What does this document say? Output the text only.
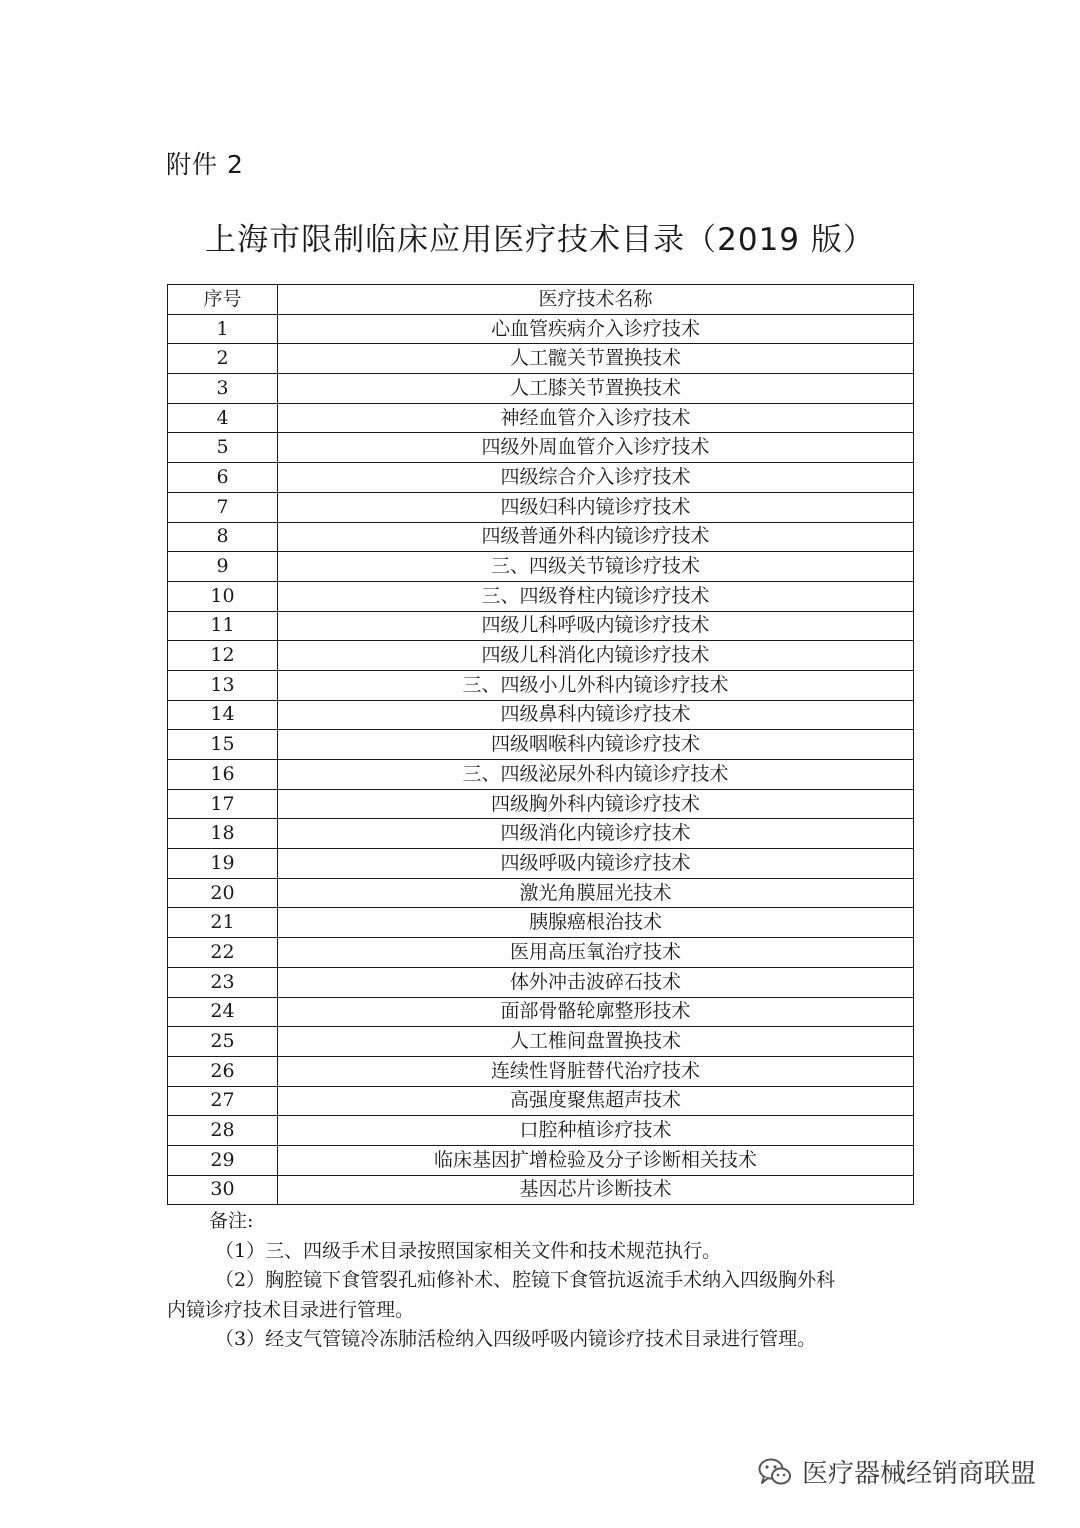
附件 2
上海市限制临床应用医疗技术目录（2019 版）
序号	医疗技术名称
1	心血管疾病介入诊疗技术
2	人工髋关节置换技术
3	人工膝关节置换技术
4	神经血管介入诊疗技术
5	四级外周血管介入诊疗技术
6	四级综合介入诊疗技术
7	四级妇科内镜诊疗技术
8	四级普通外科内镜诊疗技术
9	三、四级关节镜诊疗技术
10	三、四级脊柱内镜诊疗技术
11	四级儿科呼吸内镜诊疗技术
12	四级儿科消化内镜诊疗技术
13	三、四级小儿外科内镜诊疗技术
14	四级鼻科内镜诊疗技术
15	四级咽喉科内镜诊疗技术
16	三、四级泌尿外科内镜诊疗技术
17	四级胸外科内镜诊疗技术
18	四级消化内镜诊疗技术
19	四级呼吸内镜诊疗技术
20	激光角膜屈光技术
21	胰腺癌根治技术
22	医用高压氧治疗技术
23	体外冲击波碎石技术
24	面部骨骼轮廓整形技术
25	人工椎间盘置换技术
26	连续性肾脏替代治疗技术
27	高强度聚焦超声技术
28	口腔种植诊疗技术
29	临床基因扩增检验及分子诊断相关技术
30	基因芯片诊断技术

备注:

（1）三、四级手术目录按照国家相关文件和技术规范执行。

（2）胸腔镜下食管裂孔疝修补术、腔镜下食管抗返流手术纳入四级胸外科

内镜诊疗技术目录进行管理。

（3）经支气管镜冷冻肺活检纳入四级呼吸内镜诊疗技术目录进行管理。

医疗器械经销商联盟
